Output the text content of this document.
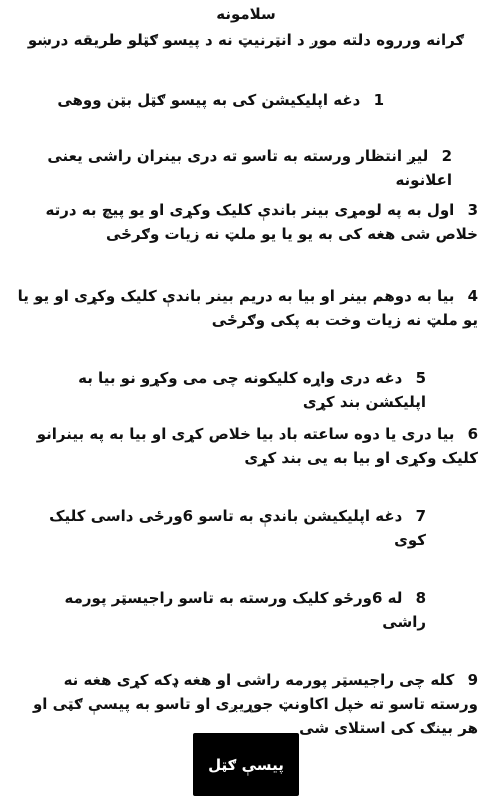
سلامونه
ګرانه ورروه دلته موږ د انټرنیټ نه د پیسو ګټلو طریقه درښو
1 دغه اپلیکیشن کی به پیسو ګټل بټن ووهی
2 لیږ انتظار ورسته به تاسو ته دری بینران راشی یعنی اعلانونه
3 اول به په لومړی بینر باندې کلیک وکړی او یو پیچ به درته خلاص شی هغه کی به یو یا یو ملټ نه زیات وګرځی
4 بیا به دوهم بینر او بیا به دریم بینر باندې کلیک وکړی او یو یا یو ملټ نه زیات وخت به پکی وګرځی
5 دغه دری واړه کلیکونه چی می وکړو نو بیا به اپلیکشن بند کړی
6 بیا دری یا دوه ساعته باد بیا خلاص کړی او بیا به په بینرانو کلیک وکړی او بیا به یی بند کړی
7 دغه اپلیکیشن باندې به تاسو 6ورځی داسی کلیک کوی
8 له 6ورځو کلیک ورسته به تاسو راجیسټر پورمه راشی
9 کله چی راجیسټر پورمه راشی او هغه ډکه کړی هغه نه ورسته تاسو ته خپل اکاونټ جوړیږی او تاسو به پیسې ګټی او هر بینګ کی استلای شی
پیسې ګټل
